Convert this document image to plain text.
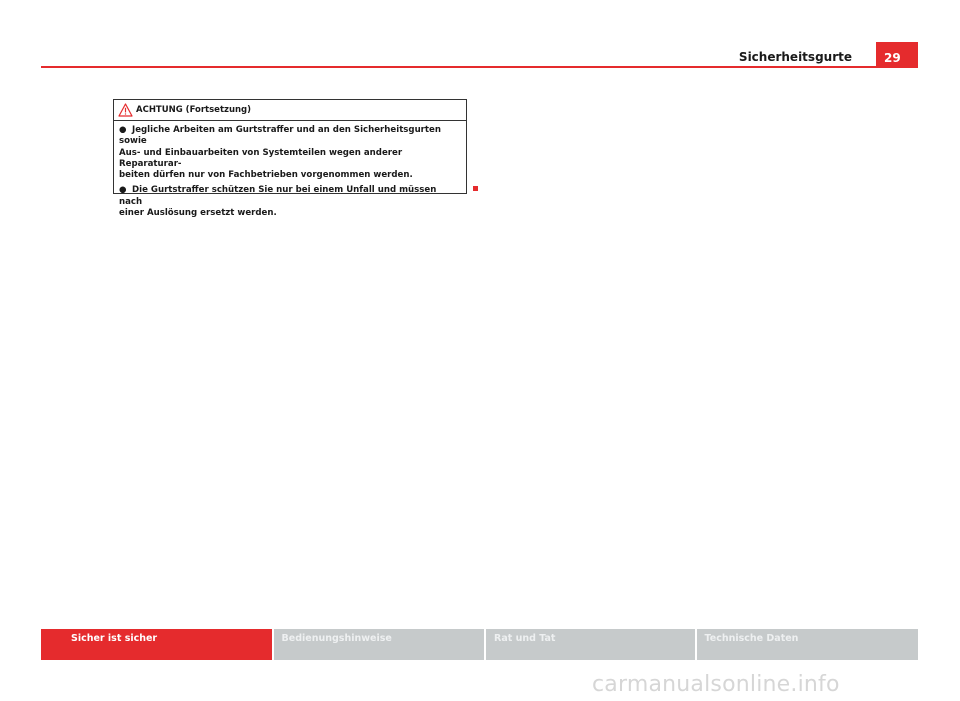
Sicherheitsgurte	29
ACHTUNG (Fortsetzung)
● Jegliche Arbeiten am Gurtstraffer und an den Sicherheitsgurten sowie
Aus- und Einbauarbeiten von Systemteilen wegen anderer Reparaturar-
beiten dürfen nur von Fachbetrieben vorgenommen werden.
● Die Gurtstraffer schützen Sie nur bei einem Unfall und müssen nach
einer Auslösung ersetzt werden.
Sicher ist sicher	Bedienungshinweise	Rat und Tat	Technische Daten
carmanualsonline.info
